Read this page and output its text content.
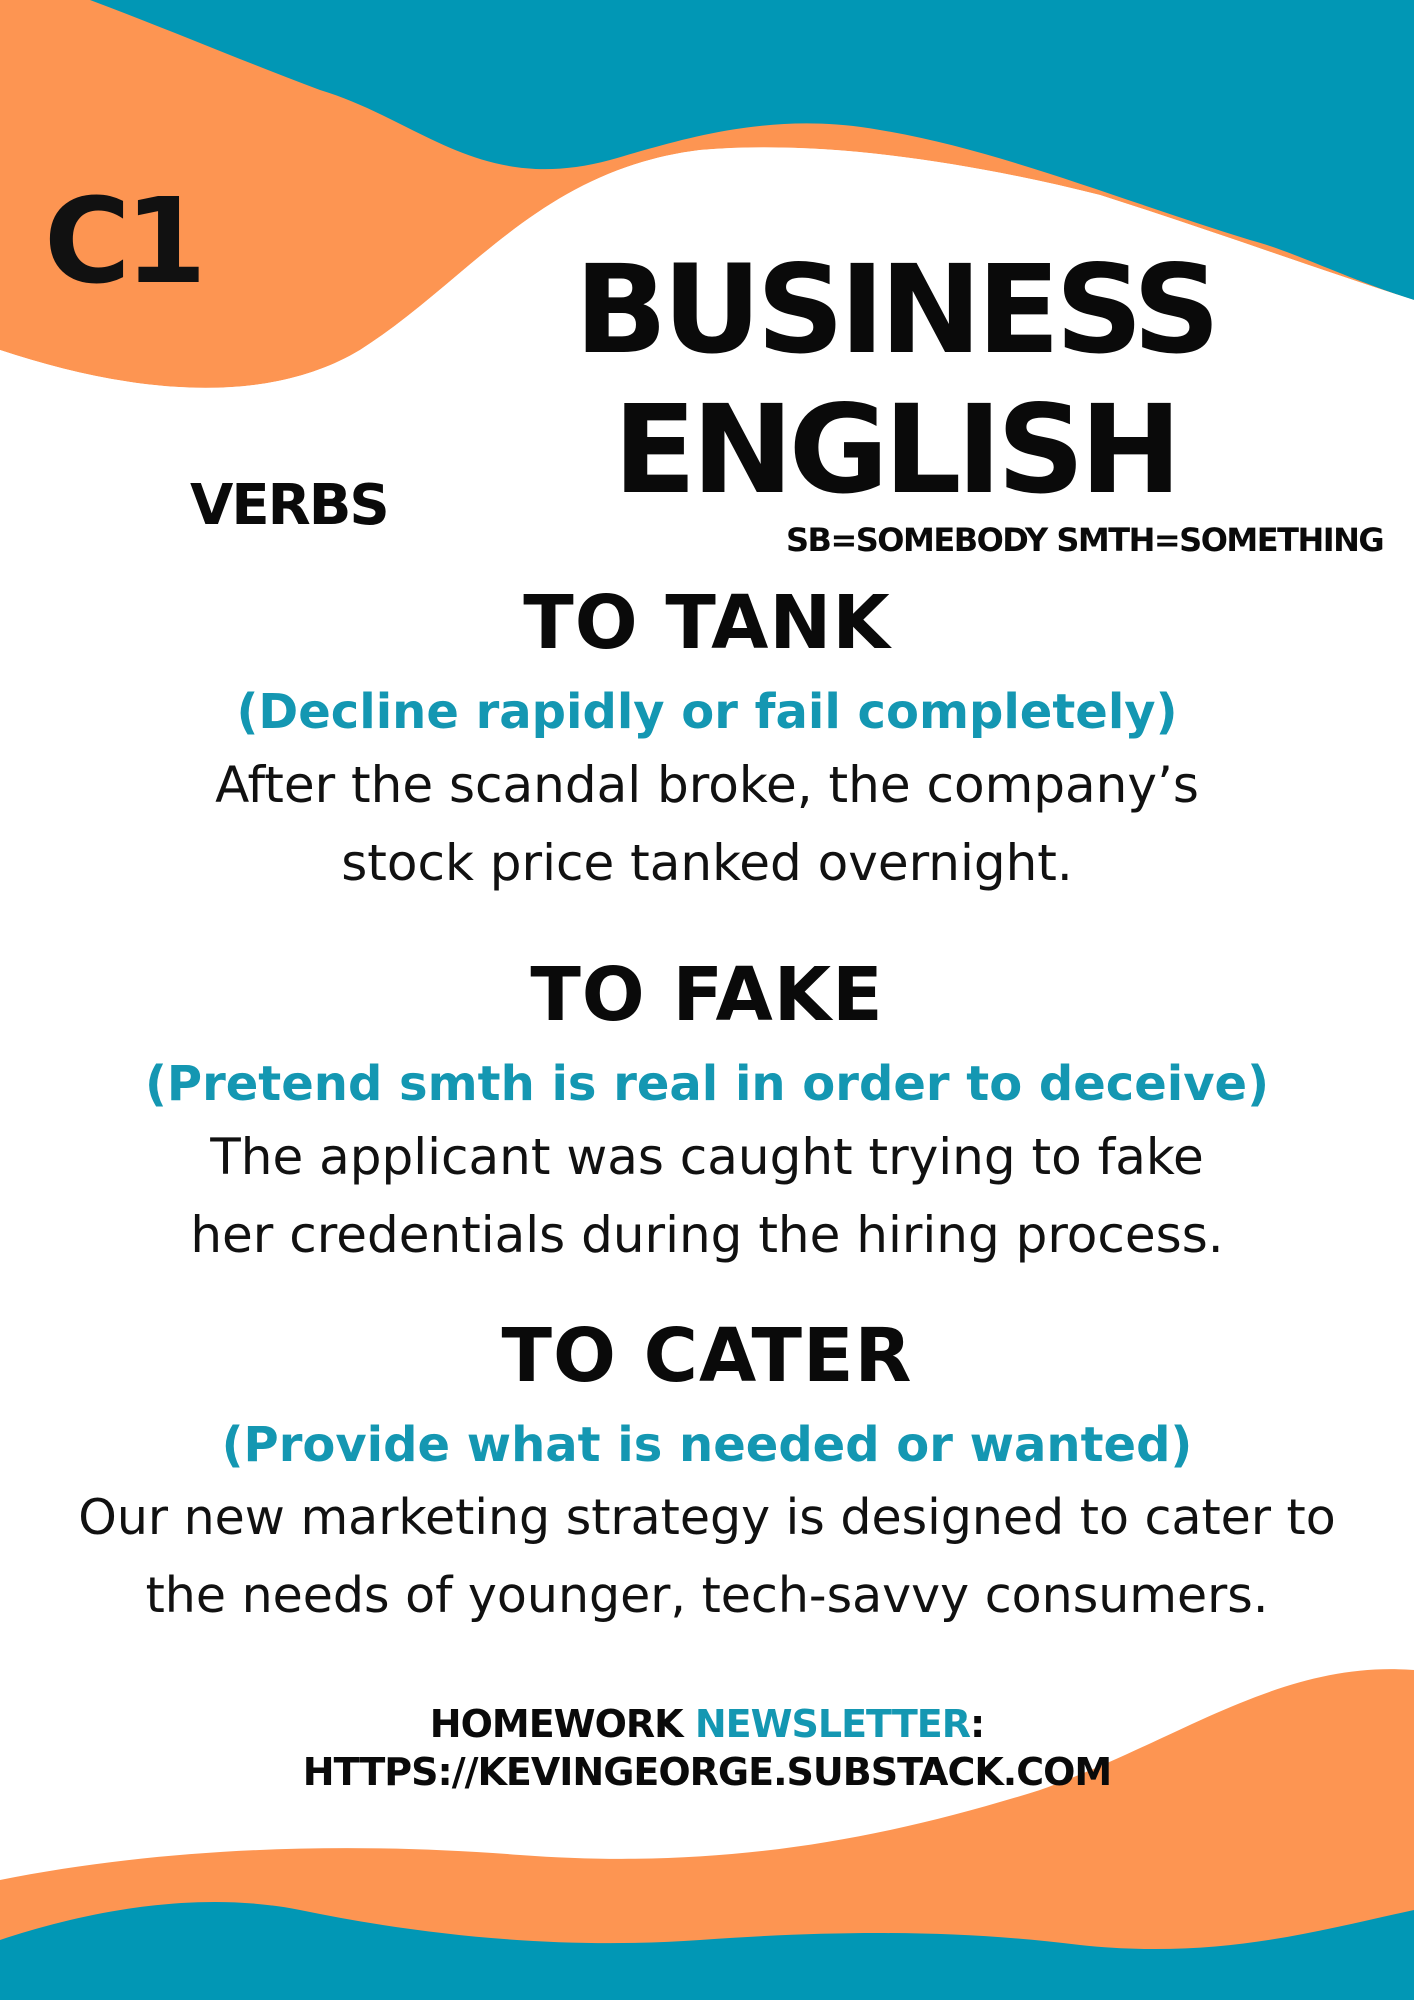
C1	BUSINESS
ENGLISH
VERBS
SB=SOMEBODY SMTH=SOMETHING
TO TANK
(Decline rapidly or fail completely)
After the scandal broke, the company’s
stock price tanked overnight.
TO FAKE
(Pretend smth is real in order to deceive)
The applicant was caught trying to fake
her credentials during the hiring process.
TO CATER
(Provide what is needed or wanted)
Our new marketing strategy is designed to cater to
the needs of younger, tech-savvy consumers.
HOMEWORK NEWSLETTER:
HTTPS://KEVINGEORGE.SUBSTACK.COM
